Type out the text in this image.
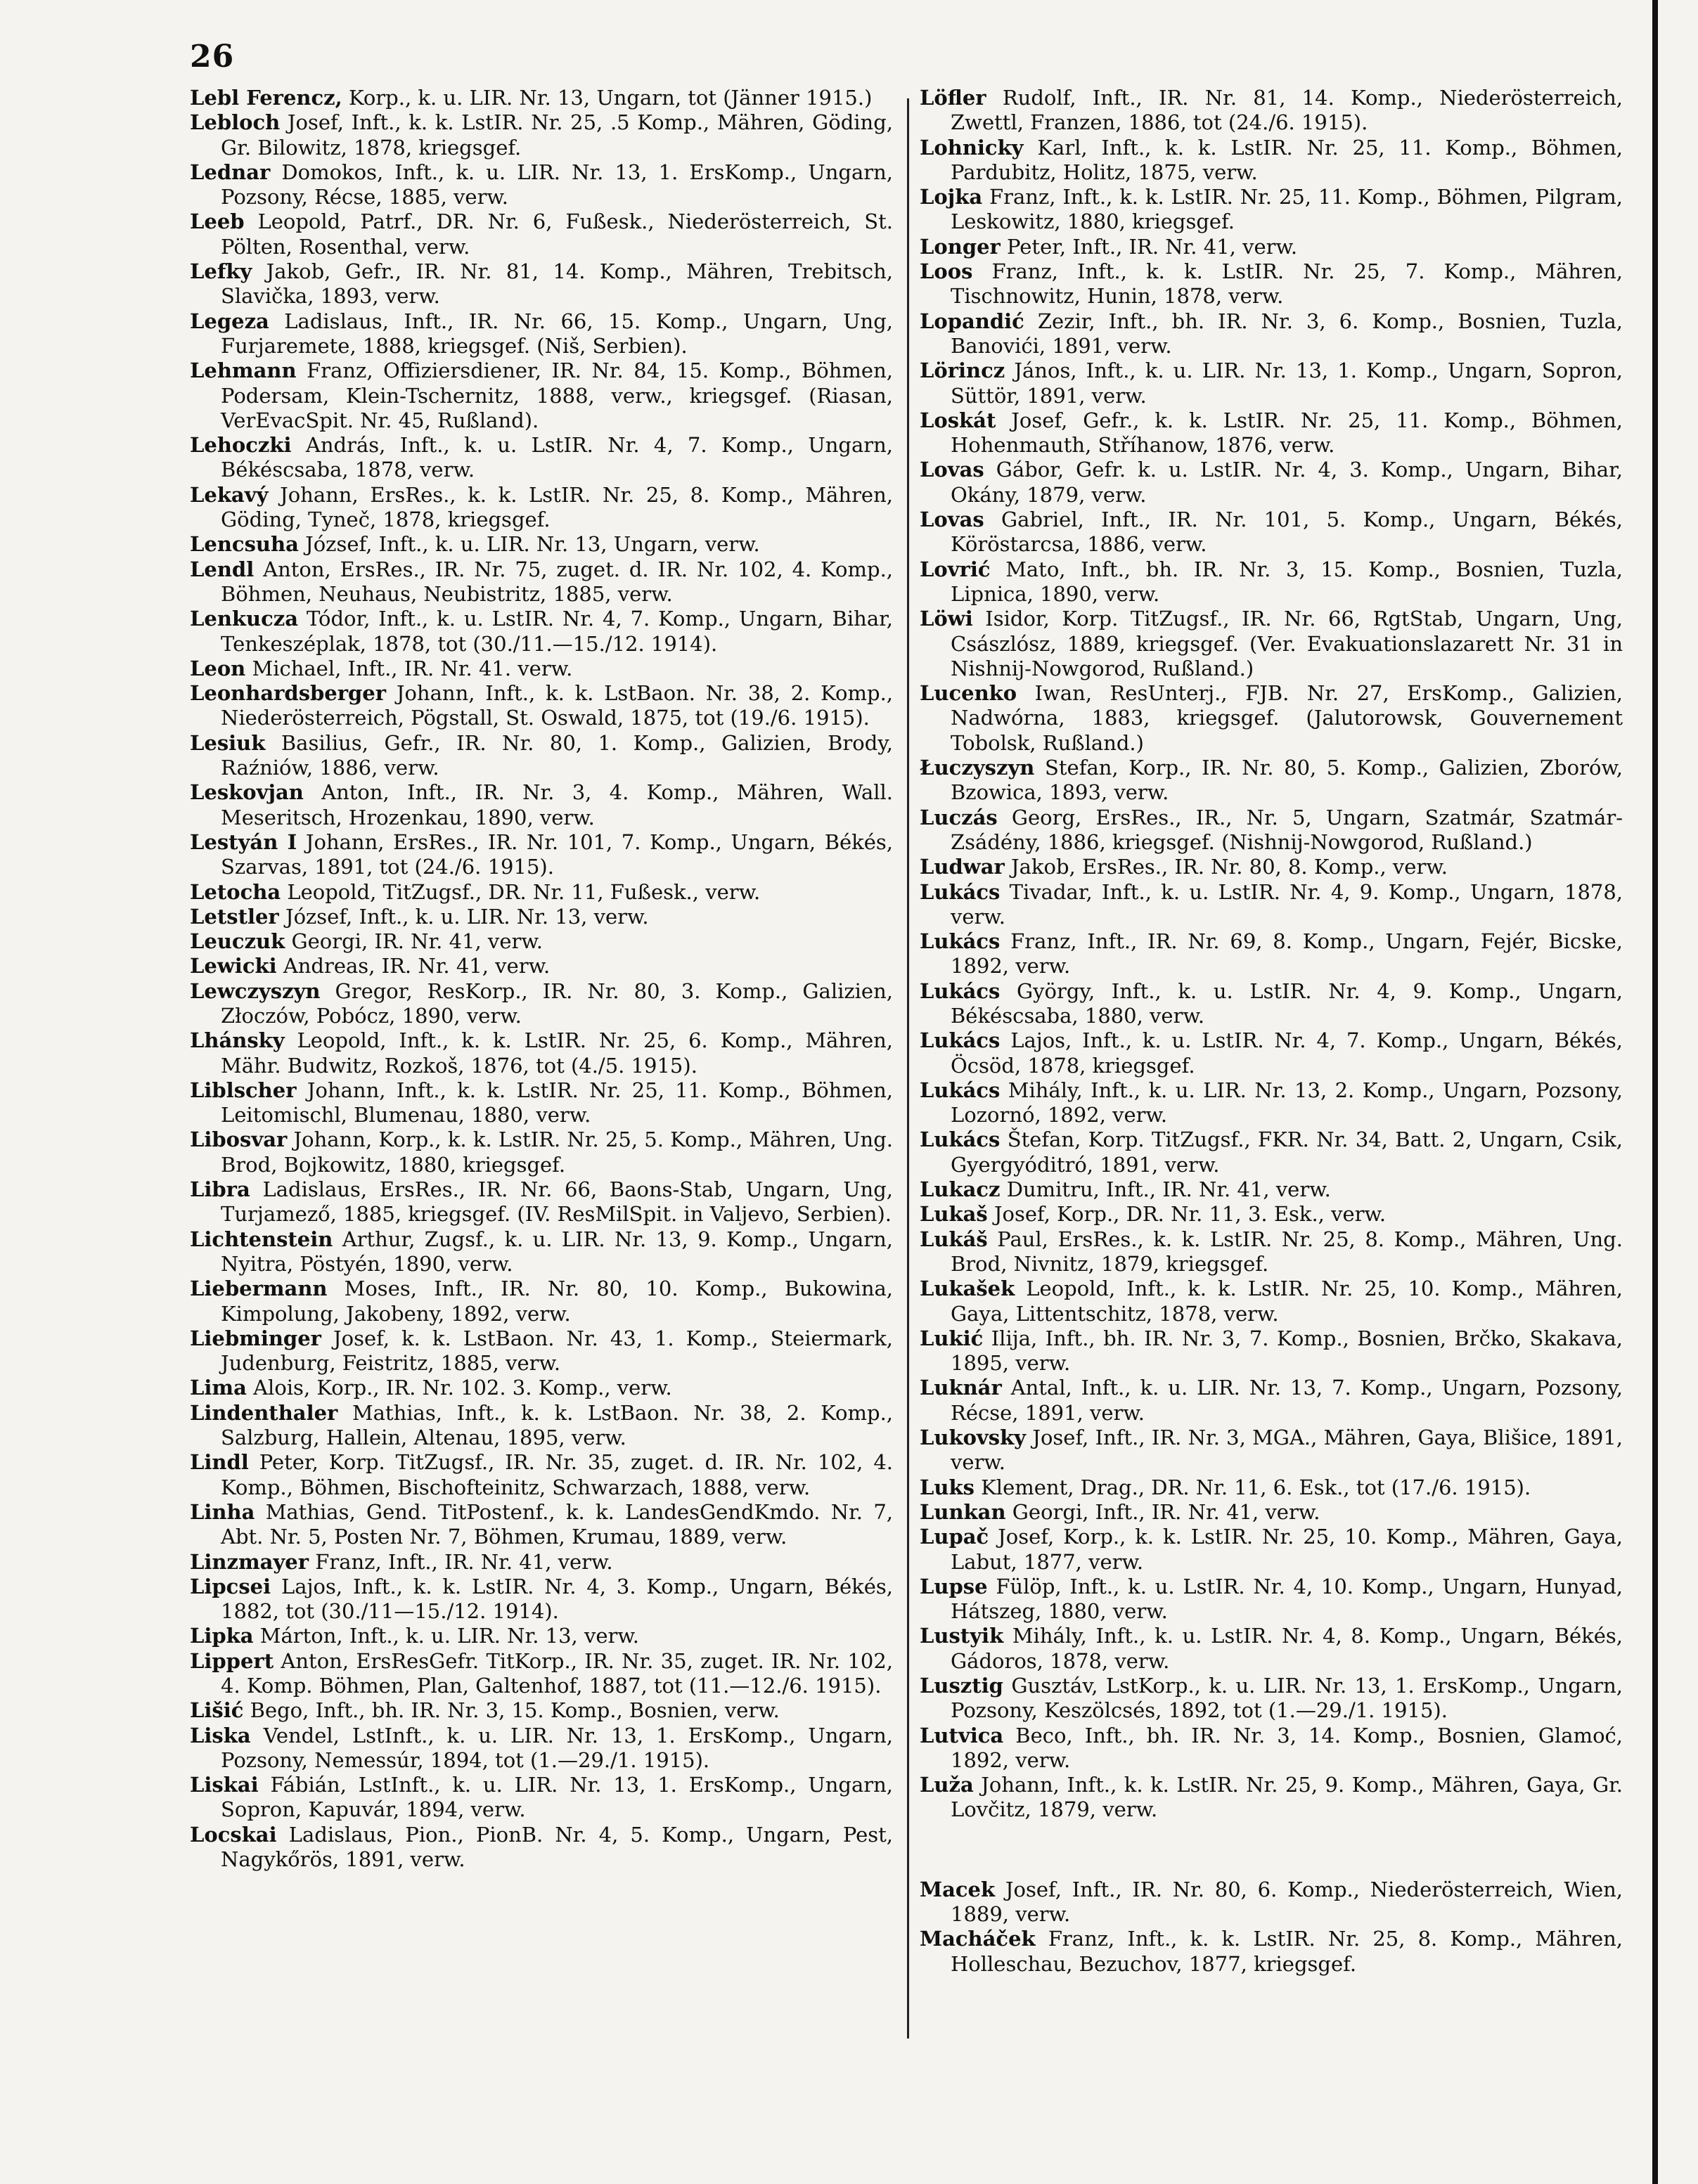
26

Lebl Ferencz, Korp., k. u. LIR. Nr. 13, Ungarn, tot (Jänner 1915.)

Lebloch Josef, Inft., k. k. LstIR. Nr. 25, .5 Komp., Mähren, Göding, Gr. Bilowitz, 1878, kriegsgef.

Lednar Domokos, Inft., k. u. LIR. Nr. 13, 1. ErsKomp., Ungarn, Pozsony, Récse, 1885, verw.

Leeb Leopold, Patrf., DR. Nr. 6, Fußesk., Niederösterreich, St. Pölten, Rosenthal, verw.

Lefky Jakob, Gefr., IR. Nr. 81, 14. Komp., Mähren, Trebitsch, Slavička, 1893, verw.

Legeza Ladislaus, Inft., IR. Nr. 66, 15. Komp., Ungarn, Ung, Furjaremete, 1888, kriegsgef. (Niš, Serbien).

Lehmann Franz, Offiziersdiener, IR. Nr. 84, 15. Komp., Böhmen, Podersam, Klein-Tschernitz, 1888, verw., kriegsgef. (Riasan, VerEvacSpit. Nr. 45, Rußland).

Lehoczki András, Inft., k. u. LstIR. Nr. 4, 7. Komp., Ungarn, Békéscsaba, 1878, verw.

Lekavý Johann, ErsRes., k. k. LstIR. Nr. 25, 8. Komp., Mähren, Göding, Tyneč, 1878, kriegsgef.

Lencsuha József, Inft., k. u. LIR. Nr. 13, Ungarn, verw.

Lendl Anton, ErsRes., IR. Nr. 75, zuget. d. IR. Nr. 102, 4. Komp., Böhmen, Neuhaus, Neubistritz, 1885, verw.

Lenkucza Tódor, Inft., k. u. LstIR. Nr. 4, 7. Komp., Ungarn, Bihar, Tenkeszéplak, 1878, tot (30./11.—15./12. 1914).

Leon Michael, Inft., IR. Nr. 41. verw.

Leonhardsberger Johann, Inft., k. k. LstBaon. Nr. 38, 2. Komp., Niederösterreich, Pögstall, St. Oswald, 1875, tot (19./6. 1915).

Lesiuk Basilius, Gefr., IR. Nr. 80, 1. Komp., Galizien, Brody, Raźniów, 1886, verw.

Leskovjan Anton, Inft., IR. Nr. 3, 4. Komp., Mähren, Wall. Meseritsch, Hrozenkau, 1890, verw.

Lestyán I Johann, ErsRes., IR. Nr. 101, 7. Komp., Ungarn, Békés, Szarvas, 1891, tot (24./6. 1915).

Letocha Leopold, TitZugsf., DR. Nr. 11, Fußesk., verw.

Letstler József, Inft., k. u. LIR. Nr. 13, verw.

Leuczuk Georgi, IR. Nr. 41, verw.

Lewicki Andreas, IR. Nr. 41, verw.

Lewczyszyn Gregor, ResKorp., IR. Nr. 80, 3. Komp., Galizien, Złoczów, Pobócz, 1890, verw.

Lhánsky Leopold, Inft., k. k. LstIR. Nr. 25, 6. Komp., Mähren, Mähr. Budwitz, Rozkoš, 1876, tot (4./5. 1915).

Liblscher Johann, Inft., k. k. LstIR. Nr. 25, 11. Komp., Böhmen, Leitomischl, Blumenau, 1880, verw.

Libosvar Johann, Korp., k. k. LstIR. Nr. 25, 5. Komp., Mähren, Ung. Brod, Bojkowitz, 1880, kriegsgef.

Libra Ladislaus, ErsRes., IR. Nr. 66, Baons-Stab, Ungarn, Ung, Turjamező, 1885, kriegsgef. (IV. ResMilSpit. in Valjevo, Serbien).

Lichtenstein Arthur, Zugsf., k. u. LIR. Nr. 13, 9. Komp., Ungarn, Nyitra, Pöstyén, 1890, verw.

Liebermann Moses, Inft., IR. Nr. 80, 10. Komp., Bukowina, Kimpolung, Jakobeny, 1892, verw.

Liebminger Josef, k. k. LstBaon. Nr. 43, 1. Komp., Steiermark, Judenburg, Feistritz, 1885, verw.

Lima Alois, Korp., IR. Nr. 102. 3. Komp., verw.

Lindenthaler Mathias, Inft., k. k. LstBaon. Nr. 38, 2. Komp., Salzburg, Hallein, Altenau, 1895, verw.

Lindl Peter, Korp. TitZugsf., IR. Nr. 35, zuget. d. IR. Nr. 102, 4. Komp., Böhmen, Bischofteinitz, Schwarzach, 1888, verw.

Linha Mathias, Gend. TitPostenf., k. k. LandesGendKmdo. Nr. 7, Abt. Nr. 5, Posten Nr. 7, Böhmen, Krumau, 1889, verw.

Linzmayer Franz, Inft., IR. Nr. 41, verw.

Lipcsei Lajos, Inft., k. k. LstIR. Nr. 4, 3. Komp., Ungarn, Békés, 1882, tot (30./11—15./12. 1914).

Lipka Márton, Inft., k. u. LIR. Nr. 13, verw.

Lippert Anton, ErsResGefr. TitKorp., IR. Nr. 35, zuget. IR. Nr. 102, 4. Komp. Böhmen, Plan, Galtenhof, 1887, tot (11.—12./6. 1915).

Lišić Bego, Inft., bh. IR. Nr. 3, 15. Komp., Bosnien, verw.

Liska Vendel, LstInft., k. u. LIR. Nr. 13, 1. ErsKomp., Ungarn, Pozsony, Nemessúr, 1894, tot (1.—29./1. 1915).

Liskai Fábián, LstInft., k. u. LIR. Nr. 13, 1. ErsKomp., Ungarn, Sopron, Kapuvár, 1894, verw.

Locskai Ladislaus, Pion., PionB. Nr. 4, 5. Komp., Ungarn, Pest, Nagykőrös, 1891, verw.

Löfler Rudolf, Inft., IR. Nr. 81, 14. Komp., Niederösterreich, Zwettl, Franzen, 1886, tot (24./6. 1915).

Lohnicky Karl, Inft., k. k. LstIR. Nr. 25, 11. Komp., Böhmen, Pardubitz, Holitz, 1875, verw.

Lojka Franz, Inft., k. k. LstIR. Nr. 25, 11. Komp., Böhmen, Pilgram, Leskowitz, 1880, kriegsgef.

Longer Peter, Inft., IR. Nr. 41, verw.

Loos Franz, Inft., k. k. LstIR. Nr. 25, 7. Komp., Mähren, Tischnowitz, Hunin, 1878, verw.

Lopandić Zezir, Inft., bh. IR. Nr. 3, 6. Komp., Bosnien, Tuzla, Banovići, 1891, verw.

Lörincz János, Inft., k. u. LIR. Nr. 13, 1. Komp., Ungarn, Sopron, Süttör, 1891, verw.

Loskát Josef, Gefr., k. k. LstIR. Nr. 25, 11. Komp., Böhmen, Hohenmauth, Stříhanow, 1876, verw.

Lovas Gábor, Gefr. k. u. LstIR. Nr. 4, 3. Komp., Ungarn, Bihar, Okány, 1879, verw.

Lovas Gabriel, Inft., IR. Nr. 101, 5. Komp., Ungarn, Békés, Köröstarcsa, 1886, verw.

Lovrić Mato, Inft., bh. IR. Nr. 3, 15. Komp., Bosnien, Tuzla, Lipnica, 1890, verw.

Löwi Isidor, Korp. TitZugsf., IR. Nr. 66, RgtStab, Ungarn, Ung, Császlósz, 1889, kriegsgef. (Ver. Evakuationslazarett Nr. 31 in Nishnij-Nowgorod, Rußland.)

Lucenko Iwan, ResUnterj., FJB. Nr. 27, ErsKomp., Galizien, Nadwórna, 1883, kriegsgef. (Jalutorowsk, Gouvernement Tobolsk, Rußland.)

Łuczyszyn Stefan, Korp., IR. Nr. 80, 5. Komp., Galizien, Zborów, Bzowica, 1893, verw.

Luczás Georg, ErsRes., IR., Nr. 5, Ungarn, Szatmár, Szatmár-Zsádény, 1886, kriegsgef. (Nishnij-Nowgorod, Rußland.)

Ludwar Jakob, ErsRes., IR. Nr. 80, 8. Komp., verw.

Lukács Tivadar, Inft., k. u. LstIR. Nr. 4, 9. Komp., Ungarn, 1878, verw.

Lukács Franz, Inft., IR. Nr. 69, 8. Komp., Ungarn, Fejér, Bicske, 1892, verw.

Lukács György, Inft., k. u. LstIR. Nr. 4, 9. Komp., Ungarn, Békéscsaba, 1880, verw.

Lukács Lajos, Inft., k. u. LstIR. Nr. 4, 7. Komp., Ungarn, Békés, Öcsöd, 1878, kriegsgef.

Lukács Mihály, Inft., k. u. LIR. Nr. 13, 2. Komp., Ungarn, Pozsony, Lozornó, 1892, verw.

Lukács Štefan, Korp. TitZugsf., FKR. Nr. 34, Batt. 2, Ungarn, Csik, Gyergyóditró, 1891, verw.

Lukacz Dumitru, Inft., IR. Nr. 41, verw.

Lukaš Josef, Korp., DR. Nr. 11, 3. Esk., verw.

Lukáš Paul, ErsRes., k. k. LstIR. Nr. 25, 8. Komp., Mähren, Ung. Brod, Nivnitz, 1879, kriegsgef.

Lukašek Leopold, Inft., k. k. LstIR. Nr. 25, 10. Komp., Mähren, Gaya, Littentschitz, 1878, verw.

Lukić Ilija, Inft., bh. IR. Nr. 3, 7. Komp., Bosnien, Brčko, Skakava, 1895, verw.

Luknár Antal, Inft., k. u. LIR. Nr. 13, 7. Komp., Ungarn, Pozsony, Récse, 1891, verw.

Lukovsky Josef, Inft., IR. Nr. 3, MGA., Mähren, Gaya, Blišice, 1891, verw.

Luks Klement, Drag., DR. Nr. 11, 6. Esk., tot (17./6. 1915).

Lunkan Georgi, Inft., IR. Nr. 41, verw.

Lupač Josef, Korp., k. k. LstIR. Nr. 25, 10. Komp., Mähren, Gaya, Labut, 1877, verw.

Lupse Fülöp, Inft., k. u. LstIR. Nr. 4, 10. Komp., Ungarn, Hunyad, Hátszeg, 1880, verw.

Lustyik Mihály, Inft., k. u. LstIR. Nr. 4, 8. Komp., Ungarn, Békés, Gádoros, 1878, verw.

Lusztig Gusztáv, LstKorp., k. u. LIR. Nr. 13, 1. ErsKomp., Ungarn, Pozsony, Keszölcsés, 1892, tot (1.—29./1. 1915).

Lutvica Beco, Inft., bh. IR. Nr. 3, 14. Komp., Bosnien, Glamoć, 1892, verw.

Luža Johann, Inft., k. k. LstIR. Nr. 25, 9. Komp., Mähren, Gaya, Gr. Lovčitz, 1879, verw.

Macek Josef, Inft., IR. Nr. 80, 6. Komp., Niederösterreich, Wien, 1889, verw.

Macháček Franz, Inft., k. k. LstIR. Nr. 25, 8. Komp., Mähren, Holleschau, Bezuchov, 1877, kriegsgef.
